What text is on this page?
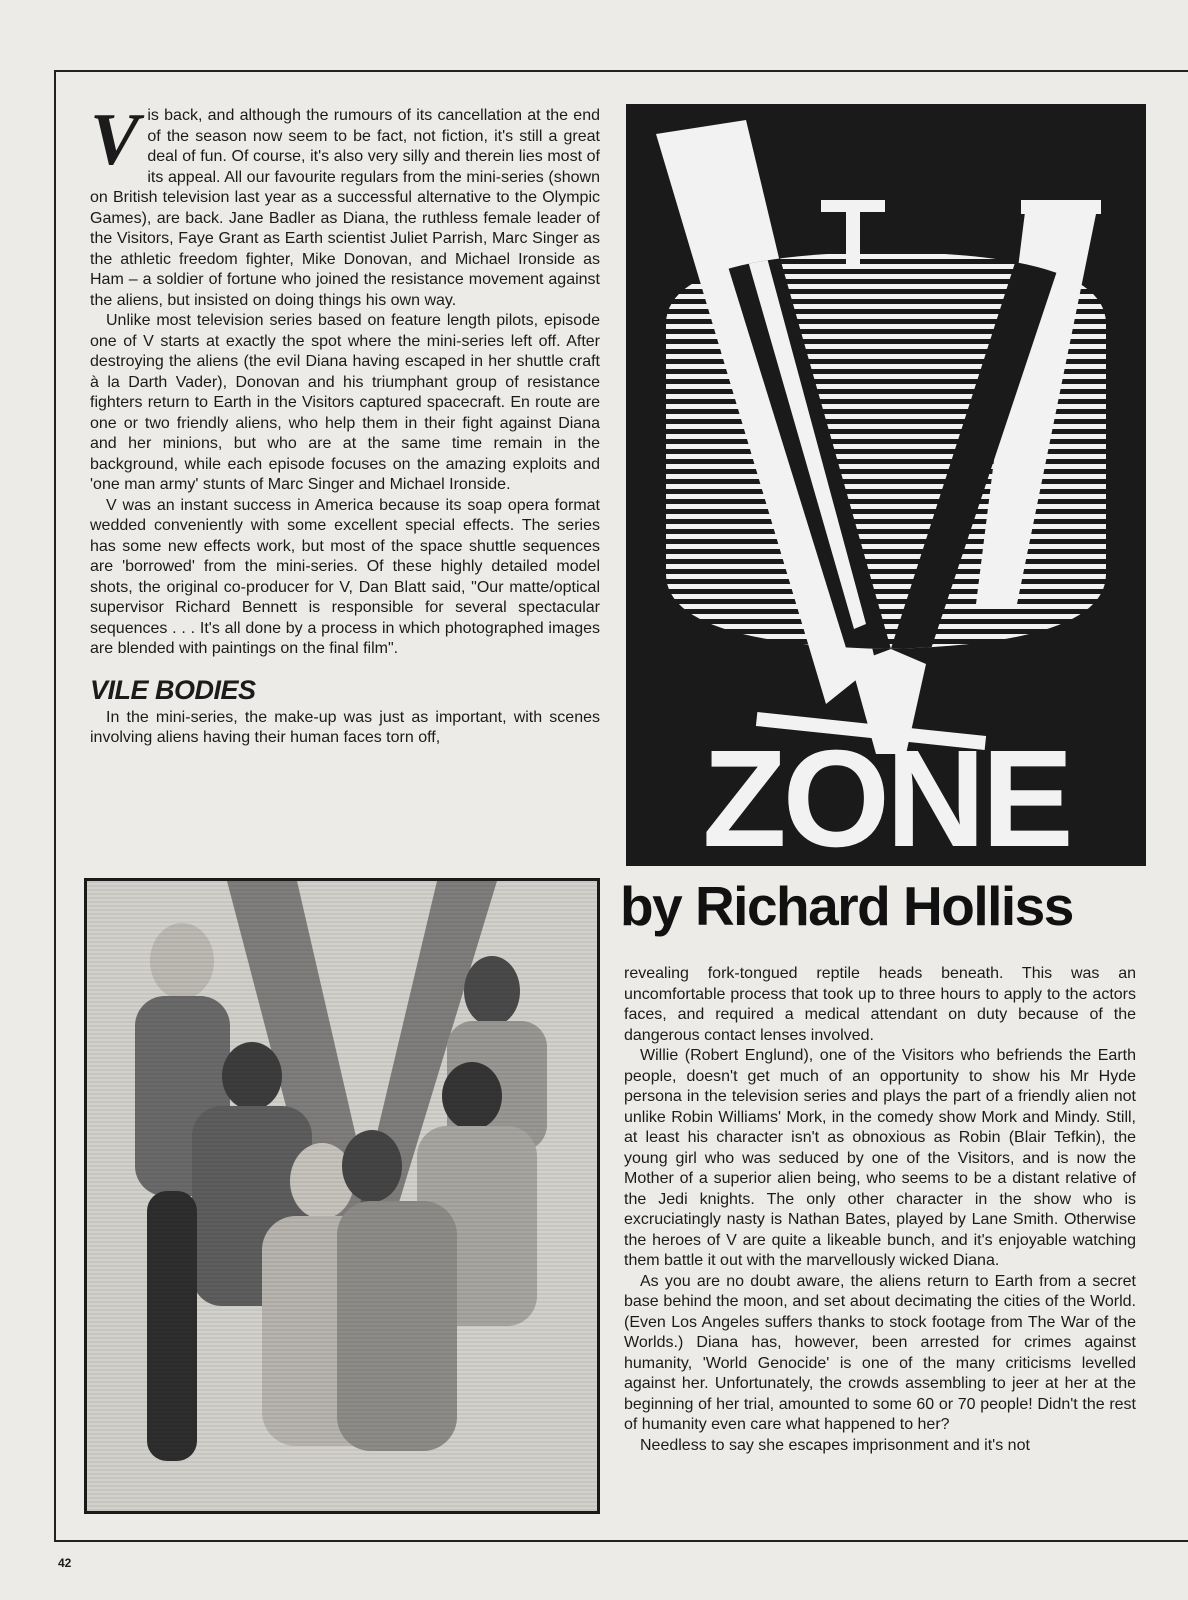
Vis back, and although the rumours of its cancellation at the end of the season now seem to be fact, not fiction, it's still a great deal of fun. Of course, it's also very silly and therein lies most of its appeal. All our favourite regulars from the mini-series (shown on British television last year as a successful alternative to the Olympic Games), are back. Jane Badler as Diana, the ruthless female leader of the Visitors, Faye Grant as Earth scientist Juliet Parrish, Marc Singer as the athletic freedom fighter, Mike Donovan, and Michael Ironside as Ham – a soldier of fortune who joined the resistance movement against the aliens, but insisted on doing things his own way.

Unlike most television series based on feature length pilots, episode one of V starts at exactly the spot where the mini-series left off. After destroying the aliens (the evil Diana having escaped in her shuttle craft à la Darth Vader), Donovan and his triumphant group of resistance fighters return to Earth in the Visitors captured spacecraft. En route are one or two friendly aliens, who help them in their fight against Diana and her minions, but who are at the same time remain in the background, while each episode focuses on the amazing exploits and 'one man army' stunts of Marc Singer and Michael Ironside.

V was an instant success in America because its soap opera format wedded conveniently with some excellent special effects. The series has some new effects work, but most of the space shuttle sequences are 'borrowed' from the mini-series. Of these highly detailed model shots, the original co-producer for V, Dan Blatt said, "Our matte/optical supervisor Richard Bennett is responsible for several spectacular sequences . . . It's all done by a process in which photographed images are blended with paintings on the final film".

VILE BODIES

In the mini-series, the make-up was just as important, with scenes involving aliens having their human faces torn off,	ZONE
by Richard Holliss

revealing fork-tongued reptile heads beneath. This was an uncomfortable process that took up to three hours to apply to the actors faces, and required a medical attendant on duty because of the dangerous contact lenses involved.

Willie (Robert Englund), one of the Visitors who befriends the Earth people, doesn't get much of an opportunity to show his Mr Hyde persona in the television series and plays the part of a friendly alien not unlike Robin Williams' Mork, in the comedy show Mork and Mindy. Still, at least his character isn't as obnoxious as Robin (Blair Tefkin), the young girl who was seduced by one of the Visitors, and is now the Mother of a superior alien being, who seems to be a distant relative of the Jedi knights. The only other character in the show who is excruciatingly nasty is Nathan Bates, played by Lane Smith. Otherwise the heroes of V are quite a likeable bunch, and it's enjoyable watching them battle it out with the marvellously wicked Diana.

As you are no doubt aware, the aliens return to Earth from a secret base behind the moon, and set about decimating the cities of the World. (Even Los Angeles suffers thanks to stock footage from The War of the Worlds.) Diana has, however, been arrested for crimes against humanity, 'World Genocide' is one of the many criticisms levelled against her. Unfortunately, the crowds assembling to jeer at her at the beginning of her trial, amounted to some 60 or 70 people! Didn't the rest of humanity even care what happened to her?

Needless to say she escapes imprisonment and it's not

42
